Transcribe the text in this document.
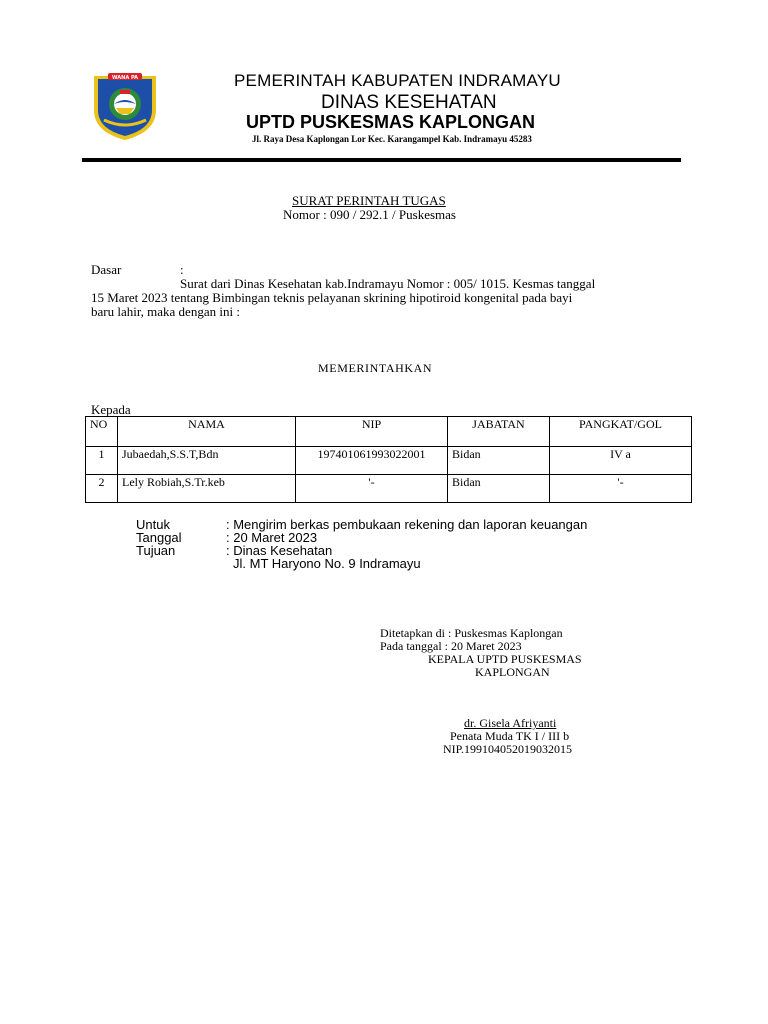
WANA PA	PEMERINTAH KABUPATEN INDRAMAYU
DINAS KESEHATAN
UPTD PUSKESMAS KAPLONGAN
Jl. Raya Desa Kaplongan Lor Kec. Karangampel Kab. Indramayu 45283
SURAT PERINTAH TUGAS
Nomor : 090 / 292.1 / Puskesmas
Dasar	:
Surat dari Dinas Kesehatan kab.Indramayu Nomor : 005/ 1015. Kesmas tanggal
15 Maret 2023 tentang Bimbingan teknis pelayanan skrining hipotiroid kongenital pada bayi
baru lahir, maka dengan ini :
MEMERINTAHKAN
Kepada
NO	NAMA	NIP	JABATAN	PANGKAT/GOL
1	Jubaedah,S.S.T,Bdn	197401061993022001	Bidan	IV a
2	Lely Robiah,S.Tr.keb	'-	Bidan	'-
Untuk	: Mengirim berkas pembukaan rekening dan laporan keuangan
Tanggal	: 20 Maret 2023
Tujuan	: Dinas Kesehatan
Jl. MT Haryono No. 9 Indramayu
Ditetapkan di : Puskesmas Kaplongan
Pada tanggal : 20 Maret 2023
KEPALA UPTD PUSKESMAS
KAPLONGAN
dr. Gisela Afriyanti
Penata Muda TK I / III b
NIP.199104052019032015
